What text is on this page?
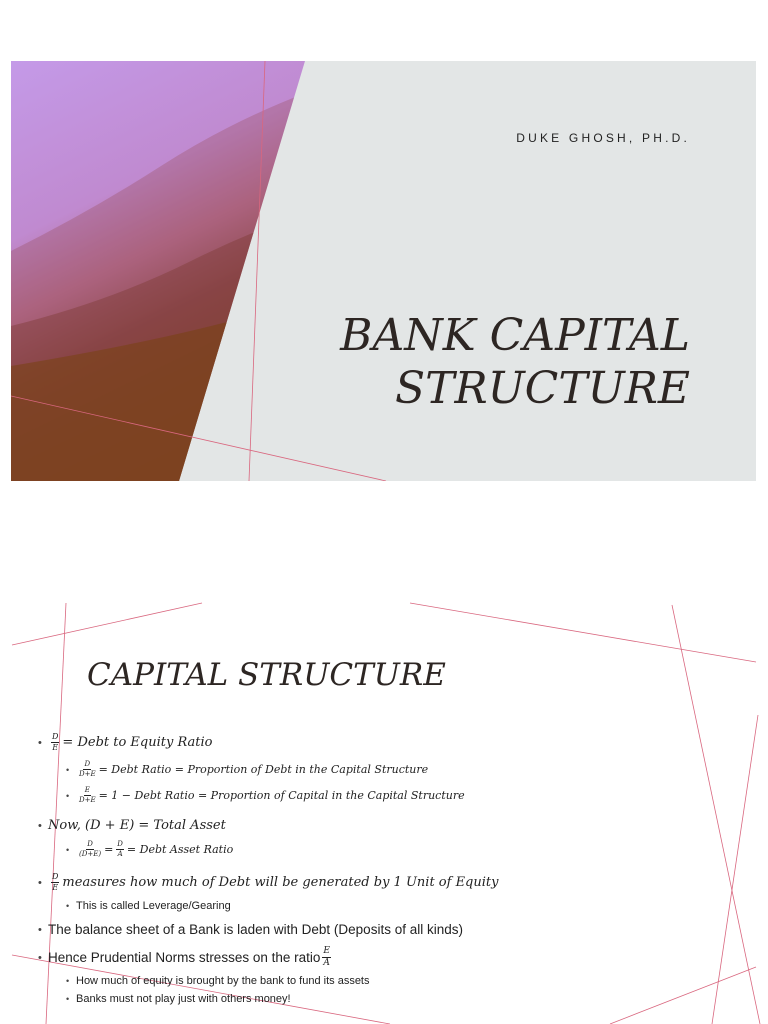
DUKE GHOSH, PH.D.
BANK CAPITAL
STRUCTURE
CAPITAL STRUCTURE
•	$\frac{D}{E}$ = Debt to Equity Ratio
•	$\frac{D}{D+E}$ = Debt Ratio = Proportion of Debt in the Capital Structure
•	$\frac{E}{D+E} = 1$ − Debt Ratio = Proportion of Capital in the Capital Structure
• Now, (D + E) = Total Asset
•	$\frac{D}{(D+E)} = \frac{D}{A}$ = Debt Asset Ratio
•	$\frac{D}{E}$ measures how much of Debt will be generated by 1 Unit of Equity
• This is called Leverage/Gearing
• The balance sheet of a Bank is laden with Debt (Deposits of all kinds)
• Hence Prudential Norms stresses on the ratio $\frac{E}{A}$
• How much of equity is brought by the bank to fund its assets
• Banks must not play just with others money!
